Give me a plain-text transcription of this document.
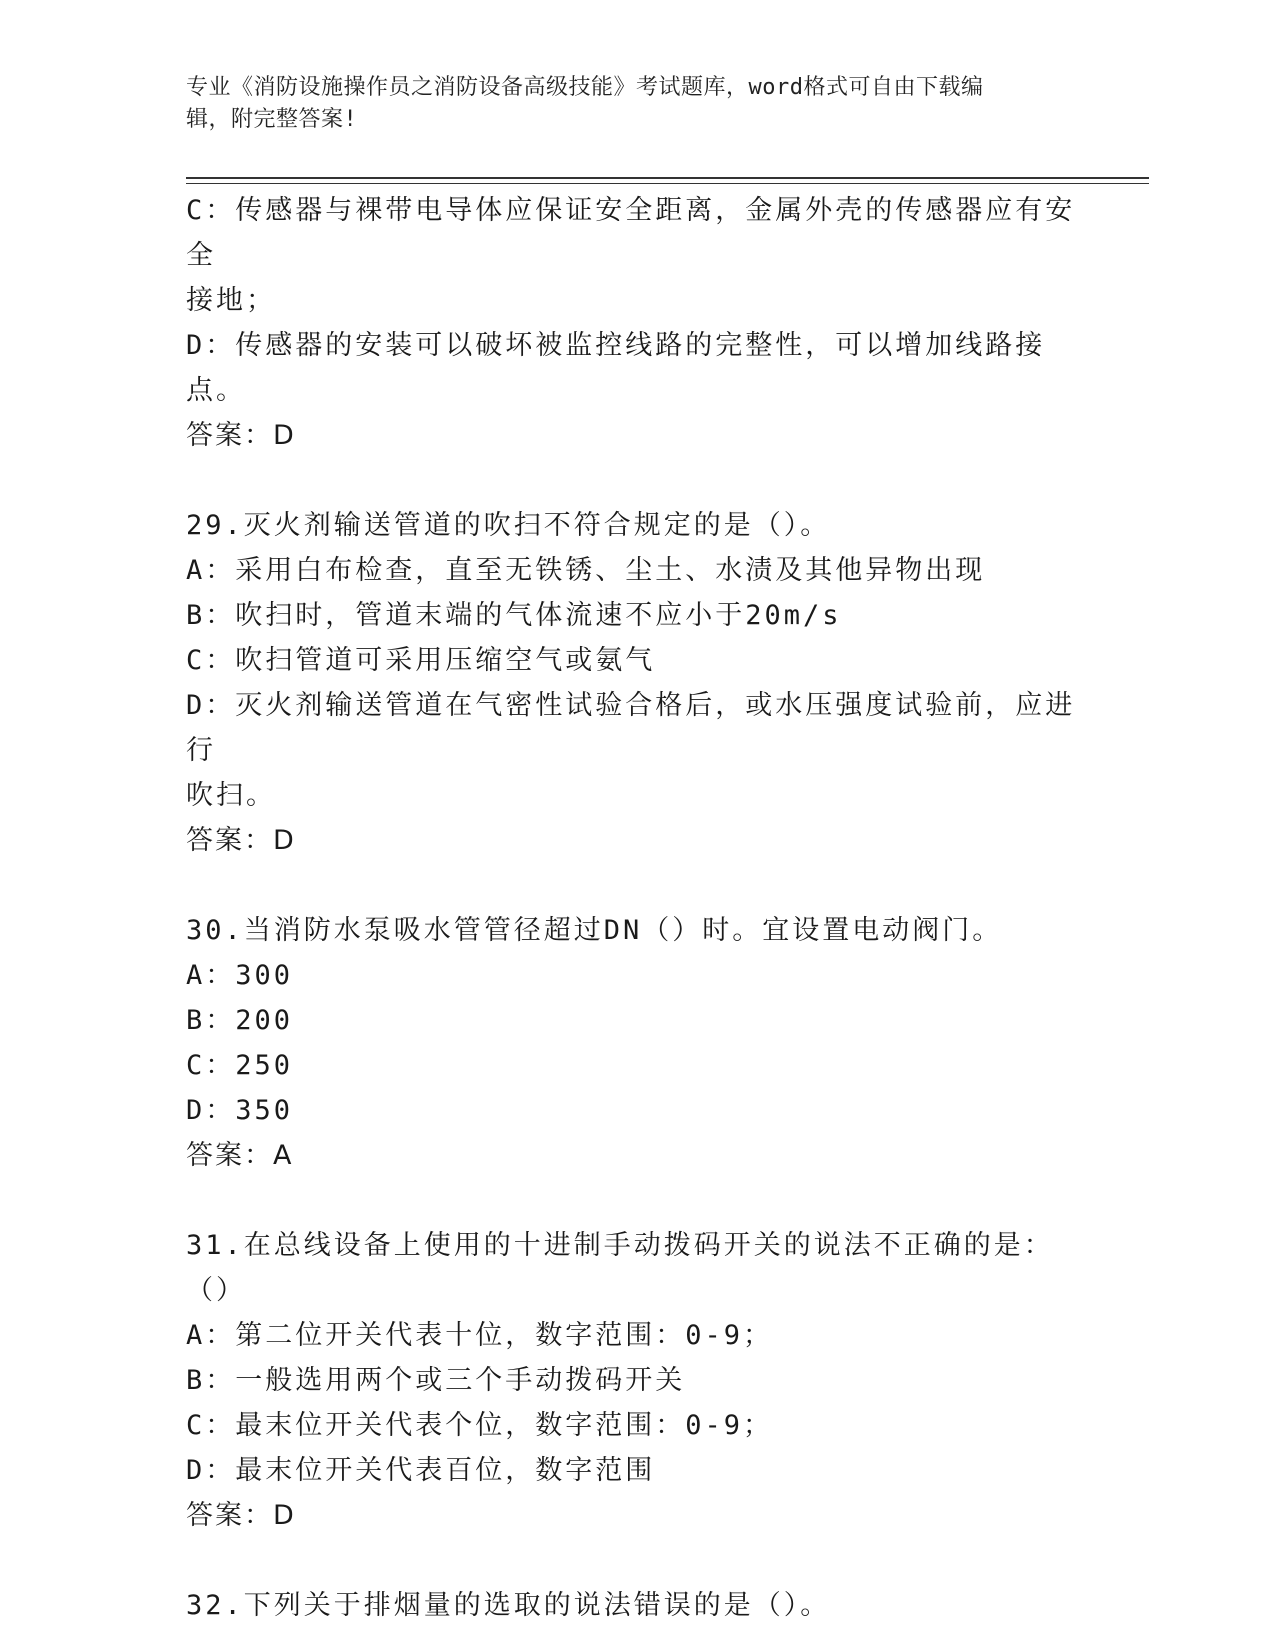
专业《消防设施操作员之消防设备高级技能》考试题库，word格式可自由下载编
辑，附完整答案!
C：传感器与裸带电导体应保证安全距离，金属外壳的传感器应有安全
接地；
D：传感器的安装可以破坏被监控线路的完整性，可以增加线路接点。
答案：D
29.灭火剂输送管道的吹扫不符合规定的是（）。
A：采用白布检查，直至无铁锈、尘土、水渍及其他异物出现
B：吹扫时，管道末端的气体流速不应小于20m/s
C：吹扫管道可采用压缩空气或氨气
D：灭火剂输送管道在气密性试验合格后，或水压强度试验前，应进行
吹扫。
答案：D
30.当消防水泵吸水管管径超过DN（）时。宜设置电动阀门。
A：300
B：200
C：250
D：350
答案：A
31.在总线设备上使用的十进制手动拨码开关的说法不正确的是：（）
A：第二位开关代表十位，数字范围：0-9；
B：一般选用两个或三个手动拨码开关
C：最末位开关代表个位，数字范围：0-9；
D：最末位开关代表百位，数字范围
答案：D
32.下列关于排烟量的选取的说法错误的是（）。
